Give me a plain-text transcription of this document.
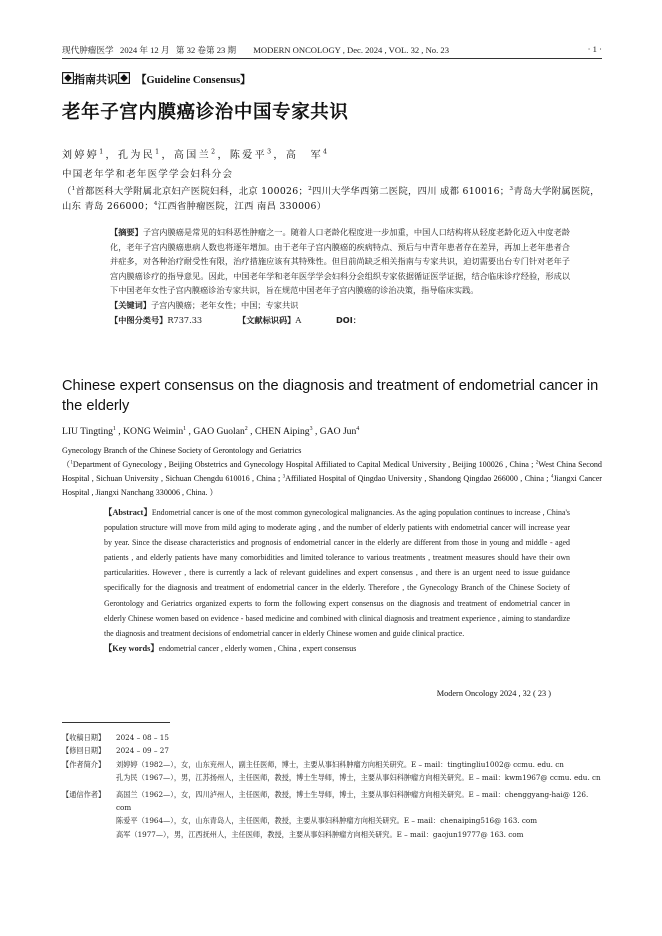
现代肿瘤医学 2024 年 12 月 第 32 卷第 23 期 MODERN ONCOLOGY , Dec. 2024 , VOL. 32 , No. 23	· 1 ·
指南共识 【Guideline Consensus】
老年子宫内膜癌诊治中国专家共识
刘婷婷$^1$，孔为民$^1$，高国兰$^2$，陈爱平$^3$，高　军$^4$
中国老年学和老年医学学会妇科分会
（$^1$首都医科大学附属北京妇产医院妇科，北京 100026；$^2$四川大学华西第二医院，四川 成都 610016；$^3$青岛大学附属医院，山东 青岛 266000；$^4$江西省肿瘤医院，江西 南昌 330006）

【摘要】子宫内膜癌是常见的妇科恶性肿瘤之一。随着人口老龄化程度进一步加重，中国人口结构将从轻度老龄化迈入中度老龄化，老年子宫内膜癌患病人数也将逐年增加。由于老年子宫内膜癌的疾病特点、预后与中青年患者存在差异，再加上老年患者合并症多，对各种治疗耐受性有限，治疗措施应该有其特殊性。但目前尚缺乏相关指南与专家共识，迫切需要出台专门针对老年子宫内膜癌诊疗的指导意见。因此，中国老年学和老年医学学会妇科分会组织专家依据循证医学证据，结合临床诊疗经验，形成以下中国老年女性子宫内膜癌诊治专家共识，旨在规范中国老年子宫内膜癌的诊治决策，指导临床实践。

【关键词】子宫内膜癌；老年女性；中国；专家共识

【中图分类号】R737.33	【文献标识码】A	DOI：

Chinese expert consensus on the diagnosis and treatment of endometrial cancer in the elderly
LIU Tingting$^1$ , KONG Weimin$^1$ , GAO Guolan$^2$ , CHEN Aiping$^3$ , GAO Jun$^4$
Gynecology Branch of the Chinese Society of Gerontology and Geriatrics
（$^1$Department of Gynecology , Beijing Obstetrics and Gynecology Hospital Affiliated to Capital Medical University , Beijing 100026 , China ; $^2$West China Second Hospital , Sichuan University , Sichuan Chengdu 610016 , China ; $^3$Affiliated Hospital of Qingdao University , Shandong Qingdao 266000 , China ; $^4$Jiangxi Cancer Hospital , Jiangxi Nanchang 330006 , China. ）

【Abstract】Endometrial cancer is one of the most common gynecological malignancies. As the aging population continues to increase , China's population structure will move from mild aging to moderate aging , and the number of elderly patients with endometrial cancer will increase year by year. Since the disease characteristics and prognosis of endometrial cancer in the elderly are different from those in young and middle - aged patients , and elderly patients have many comorbidities and limited tolerance to various treatments , treatment measures should have their own particularities. However , there is currently a lack of relevant guidelines and expert consensus , and there is an urgent need to issue guidance specifically for the diagnosis and treatment of endometrial cancer in the elderly. Therefore , the Gynecology Branch of the Chinese Society of Gerontology and Geriatrics organized experts to form the following expert consensus on the diagnosis and treatment of endometrial cancer in elderly Chinese women based on evidence - based medicine and combined with clinical diagnosis and treatment experience , aiming to standardize the diagnosis and treatment decisions of endometrial cancer in elderly Chinese women and guide clinical practice.

【Key words】endometrial cancer , elderly women , China , expert consensus

Modern Oncology 2024 , 32 ( 23 )
【收稿日期】 2024 – 08 – 15
【修回日期】 2024 – 09 – 27
【作者简介】 刘婷婷（1982—），女，山东兖州人，副主任医师，博士，主要从事妇科肿瘤方向相关研究。E – mail：tingtingliu1002@ ccmu. edu. cn
孔为民（1967—），男，江苏扬州人，主任医师，教授，博士生导师，博士，主要从事妇科肿瘤方向相关研究。E – mail：kwm1967@ ccmu. edu. cn
【通信作者】 高国兰（1962—），女，四川泸州人，主任医师，教授，博士生导师，博士，主要从事妇科肿瘤方向相关研究。E – mail：chenggyang-hai@ 126. com
陈爱平（1964—），女，山东青岛人，主任医师，教授，主要从事妇科肿瘤方向相关研究。E – mail：chenaiping516@ 163. com
高军（1977—），男，江西抚州人，主任医师，教授，主要从事妇科肿瘤方向相关研究。E – mail：gaojun19777@ 163. com
